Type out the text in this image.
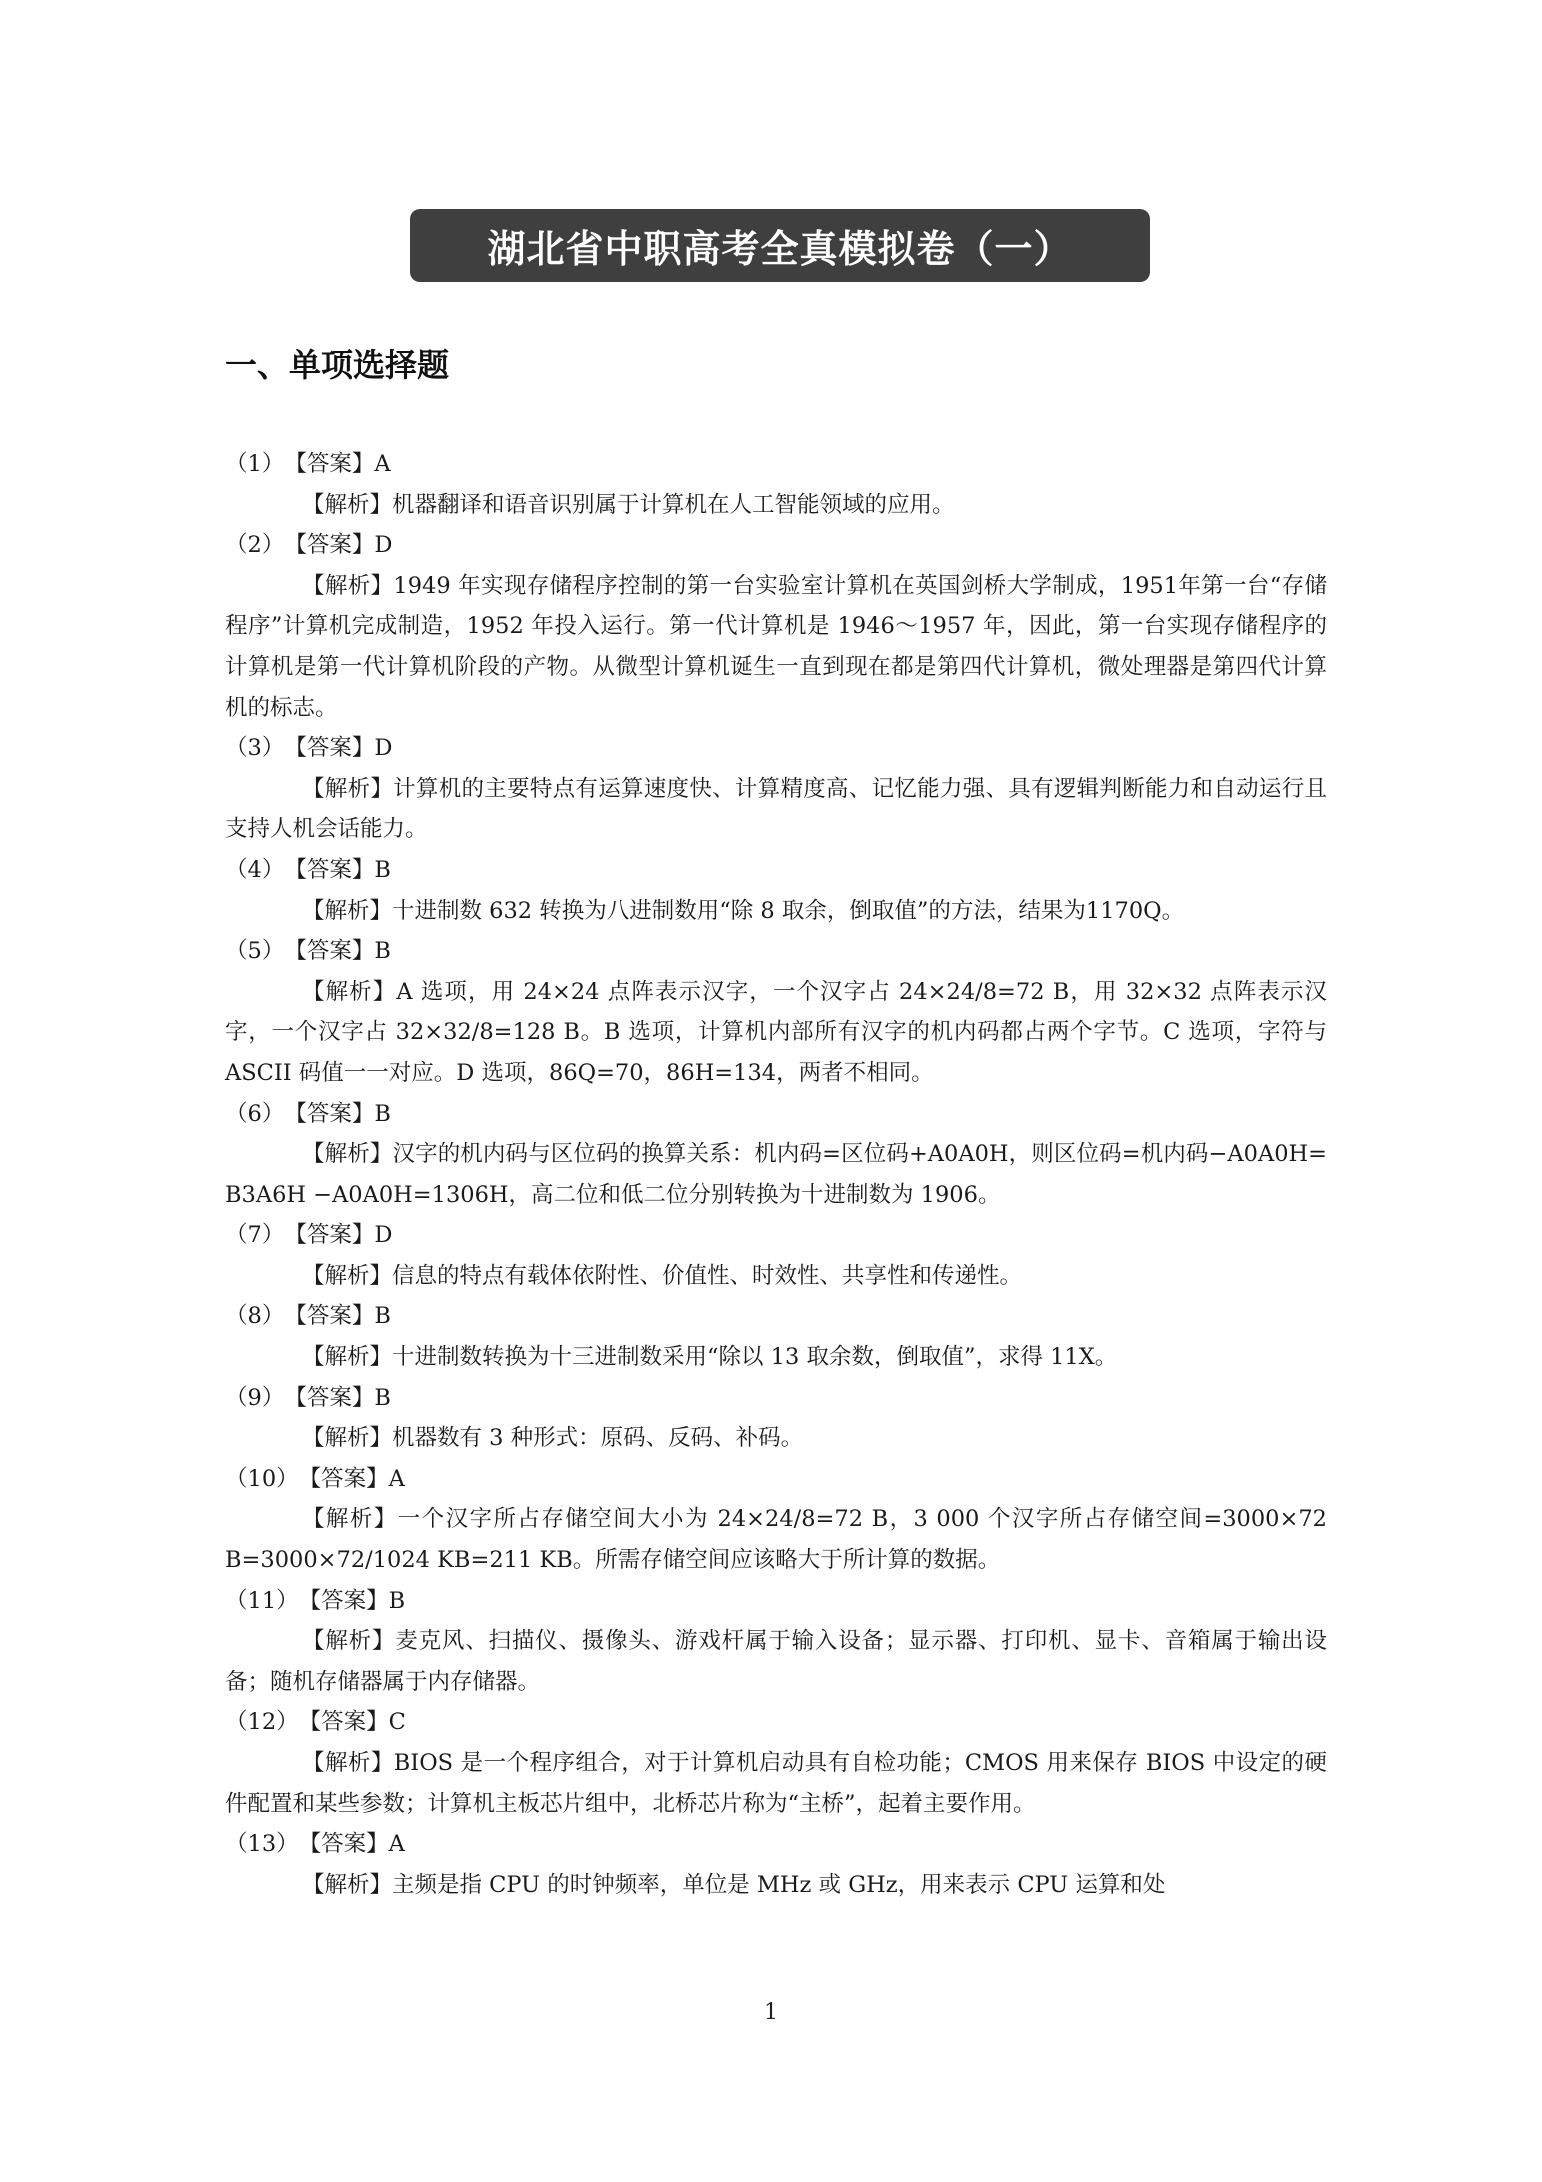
湖北省中职高考全真模拟卷（一）
一、单项选择题
（1）【答案】A

【解析】机器翻译和语音识别属于计算机在人工智能领域的应用。

（2）【答案】D

【解析】1949 年实现存储程序控制的第一台实验室计算机在英国剑桥大学制成，1951年第一台“存储程序”计算机完成制造，1952 年投入运行。第一代计算机是 1946～1957 年，因此，第一台实现存储程序的计算机是第一代计算机阶段的产物。从微型计算机诞生一直到现在都是第四代计算机，微处理器是第四代计算机的标志。

（3）【答案】D

【解析】计算机的主要特点有运算速度快、计算精度高、记忆能力强、具有逻辑判断能力和自动运行且支持人机会话能力。

（4）【答案】B

【解析】十进制数 632 转换为八进制数用“除 8 取余，倒取值”的方法，结果为1170Q。

（5）【答案】B

【解析】A 选项，用 24×24 点阵表示汉字，一个汉字占 24×24/8=72 B，用 32×32 点阵表示汉字，一个汉字占 32×32/8=128 B。B 选项，计算机内部所有汉字的机内码都占两个字节。C 选项，字符与 ASCII 码值一一对应。D 选项，86Q=70，86H=134，两者不相同。

（6）【答案】B

【解析】汉字的机内码与区位码的换算关系：机内码=区位码+A0A0H，则区位码=机内码−A0A0H= B3A6H −A0A0H=1306H，高二位和低二位分别转换为十进制数为 1906。

（7）【答案】D

【解析】信息的特点有载体依附性、价值性、时效性、共享性和传递性。

（8）【答案】B

【解析】十进制数转换为十三进制数采用“除以 13 取余数，倒取值”，求得 11X。

（9）【答案】B

【解析】机器数有 3 种形式：原码、反码、补码。

（10）【答案】A

【解析】一个汉字所占存储空间大小为 24×24/8=72 B，3 000 个汉字所占存储空间=3000×72 B=3000×72/1024 KB=211 KB。所需存储空间应该略大于所计算的数据。

（11）【答案】B

【解析】麦克风、扫描仪、摄像头、游戏杆属于输入设备；显示器、打印机、显卡、音箱属于输出设备；随机存储器属于内存储器。

（12）【答案】C

【解析】BIOS 是一个程序组合，对于计算机启动具有自检功能；CMOS 用来保存 BIOS 中设定的硬件配置和某些参数；计算机主板芯片组中，北桥芯片称为“主桥”，起着主要作用。

（13）【答案】A

【解析】主频是指 CPU 的时钟频率，单位是 MHz 或 GHz，用来表示 CPU 运算和处

1
